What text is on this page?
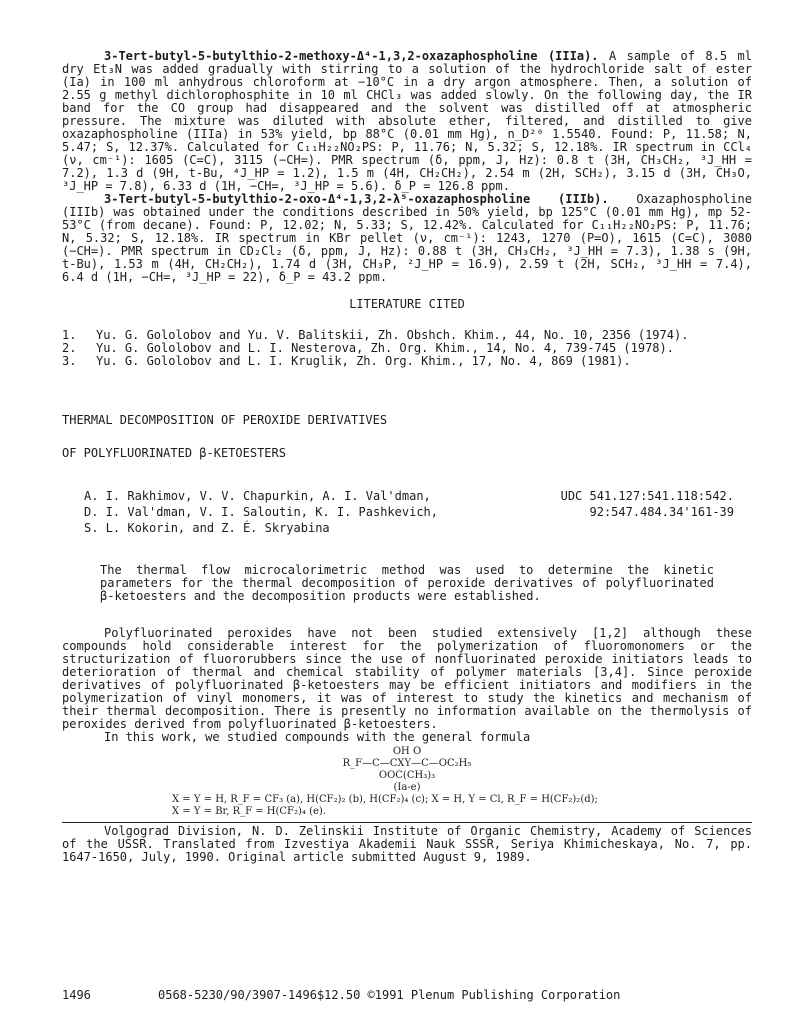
3-Tert-butyl-5-butylthio-2-methoxy-Δ⁴-1,3,2-oxazaphospholine (IIIa). A sample of 8.5 ml dry Et₃N was added gradually with stirring to a solution of the hydrochloride salt of ester (Ia) in 100 ml anhydrous chloroform at −10°C in a dry argon atmosphere. Then, a solution of 2.55 g methyl dichlorophosphite in 10 ml CHCl₃ was added slowly. On the following day, the IR band for the CO group had disappeared and the solvent was distilled off at atmospheric pressure. The mixture was diluted with absolute ether, filtered, and distilled to give oxazaphospholine (IIIa) in 53% yield, bp 88°C (0.01 mm Hg), n_D²⁰ 1.5540. Found: P, 11.58; N, 5.47; S, 12.37%. Calculated for C₁₁H₂₂NO₂PS: P, 11.76; N, 5.32; S, 12.18%. IR spectrum in CCl₄ (ν, cm⁻¹): 1605 (C=C), 3115 (−CH=). PMR spectrum (δ, ppm, J, Hz): 0.8 t (3H, CH₃CH₂, ³J_HH = 7.2), 1.3 d (9H, t-Bu, ⁴J_HP = 1.2), 1.5 m (4H, CH₂CH₂), 2.54 m (2H, SCH₂), 3.15 d (3H, CH₃O, ³J_HP = 7.8), 6.33 d (1H, −CH=, ³J_HP = 5.6). δ_P = 126.8 ppm.

3-Tert-butyl-5-butylthio-2-oxo-Δ⁴-1,3,2-λ⁵-oxazaphospholine (IIIb). Oxazaphospholine (IIIb) was obtained under the conditions described in 50% yield, bp 125°C (0.01 mm Hg), mp 52-53°C (from decane). Found: P, 12.02; N, 5.33; S, 12.42%. Calculated for C₁₁H₂₂NO₂PS: P, 11.76; N, 5.32; S, 12.18%. IR spectrum in KBr pellet (ν, cm⁻¹): 1243, 1270 (P=O), 1615 (C=C), 3080 (−CH=). PMR spectrum in CD₂Cl₂ (δ, ppm, J, Hz): 0.88 t (3H, CH₃CH₂, ³J_HH = 7.3), 1.38 s (9H, t-Bu), 1.53 m (4H, CH₂CH₂), 1.74 d (3H, CH₃P, ²J_HP = 16.9), 2.59 t (2H, SCH₂, ³J_HH = 7.4), 6.4 d (1H, −CH=, ³J_HP = 22), δ_P = 43.2 ppm.

LITERATURE CITED

1. Yu. G. Gololobov and Yu. V. Balitskii, Zh. Obshch. Khim., 44, No. 10, 2356 (1974).
2. Yu. G. Gololobov and L. I. Nesterova, Zh. Org. Khim., 14, No. 4, 739-745 (1978).
3. Yu. G. Gololobov and L. I. Kruglik, Zh. Org. Khim., 17, No. 4, 869 (1981).

THERMAL DECOMPOSITION OF PEROXIDE DERIVATIVES

OF POLYFLUORINATED β-KETOESTERS

A. I. Rakhimov, V. V. Chapurkin, A. I. Val'dman,
D. I. Val'dman, V. I. Saloutin, K. I. Pashkevich,
S. L. Kokorin, and Z. É. Skryabina
UDC 541.127:541.118:542.
92:547.484.34'161-39

The thermal flow microcalorimetric method was used to determine the kinetic parameters for the thermal decomposition of peroxide derivatives of polyfluorinated β-ketoesters and the decomposition products were established.

Polyfluorinated peroxides have not been studied extensively [1,2] although these compounds hold considerable interest for the polymerization of fluoromonomers or the structurization of fluororubbers since the use of nonfluorinated peroxide initiators leads to deterioration of thermal and chemical stability of polymer materials [3,4]. Since peroxide derivatives of polyfluorinated β-ketoesters may be efficient initiators and modifiers in the polymerization of vinyl monomers, it was of interest to study the kinetics and mechanism of their thermal decomposition. There is presently no information available on the thermolysis of peroxides derived from polyfluorinated β-ketoesters.

In this work, we studied compounds with the general formula

OH O
R_F—C—CXY—C—OC₂H₅
OOC(CH₃)₃
(Ia-e)
X = Y = H, R_F = CF₃ (a), H(CF₂)₂ (b), H(CF₂)₄ (c); X = H, Y = Cl, R_F = H(CF₂)₂(d);
X = Y = Br, R_F = H(CF₂)₄ (e).

Volgograd Division, N. D. Zelinskii Institute of Organic Chemistry, Academy of Sciences of the USSR. Translated from Izvestiya Akademii Nauk SSSR, Seriya Khimicheskaya, No. 7, pp. 1647-1650, July, 1990. Original article submitted August 9, 1989.

1496	0568-5230/90/3907-1496$12.50 ©1991 Plenum Publishing Corporation
